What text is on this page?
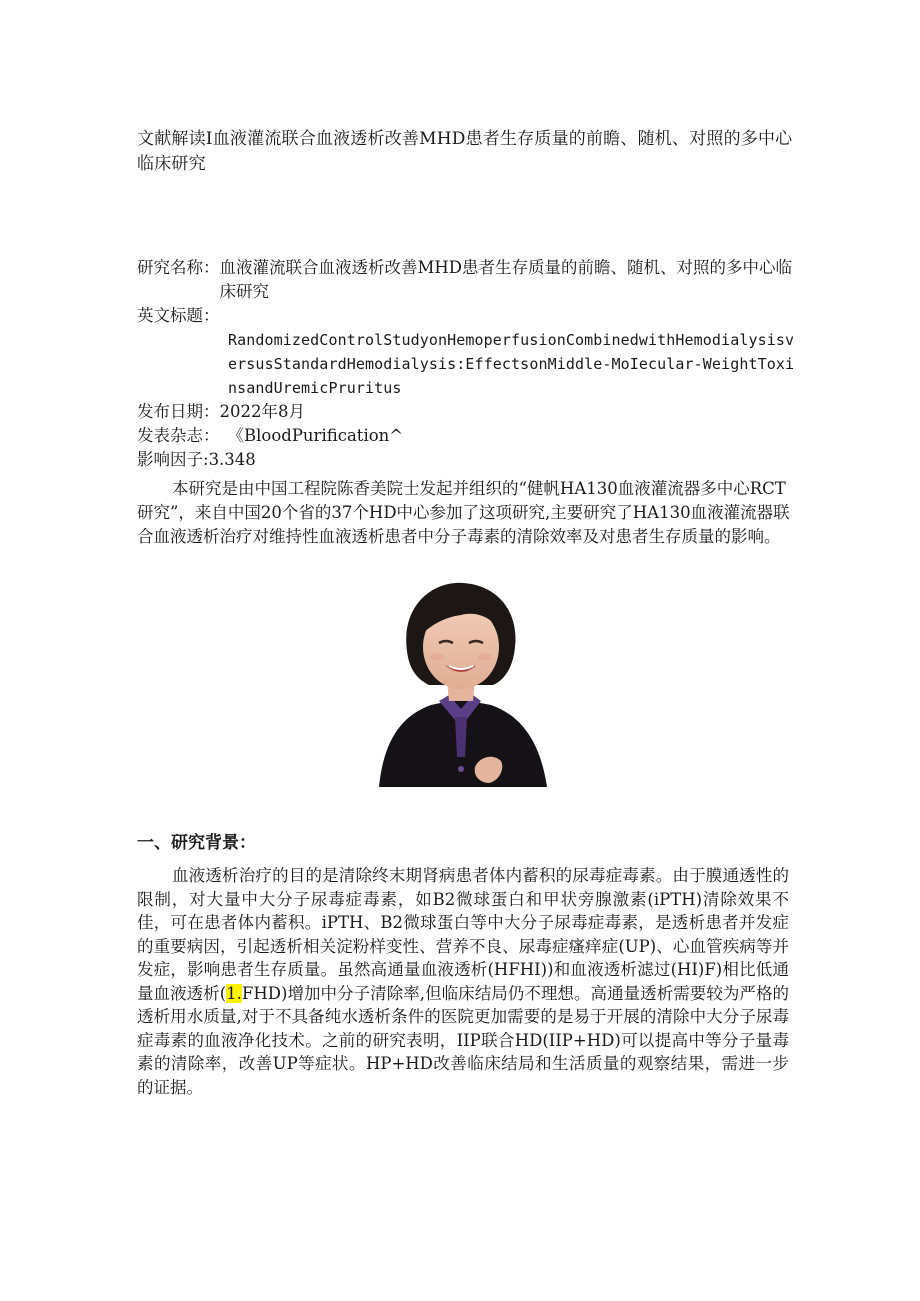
文献解读I血液灌流联合血液透析改善MHD患者生存质量的前瞻、随机、对照的多中心临床研究
研究名称： 血液灌流联合血液透析改善MHD患者生存质量的前瞻、随机、对照的多中心临床研究
英文标题：
RandomizedControlStudyonHemoperfusionCombinedwithHemodialysisversusStandardHemodialysis:EffectsonMiddle-MoIecular-WeightToxinsandUremicPruritus
发布日期： 2022年8月
发表杂志： 《BloodPurification^
影响因子: 3.348

本研究是由中国工程院陈香美院士发起并组织的“健帆HA130血液灌流器多中心RCT研究”，来自中国20个省的37个HD中心参加了这项研究,主要研究了HA130血液灌流器联合血液透析治疗对维持性血液透析患者中分子毒素的清除效率及对患者生存质量的影响。

一、研究背景：

血液透析治疗的目的是清除终末期肾病患者体内蓄积的尿毒症毒素。由于膜通透性的限制，对大量中大分子尿毒症毒素，如B2微球蛋白和甲状旁腺激素(iPTH)清除效果不佳，可在患者体内蓄积。iPTH、B2微球蛋白等中大分子尿毒症毒素，是透析患者并发症的重要病因，引起透析相关淀粉样变性、营养不良、尿毒症瘙痒症(UP)、心血管疾病等并发症，影响患者生存质量。虽然高通量血液透析(HFHI))和血液透析滤过(HI)F)相比低通量血液透析(1.FHD)增加中分子清除率,但临床结局仍不理想。高通量透析需要较为严格的透析用水质量,对于不具备纯水透析条件的医院更加需要的是易于开展的清除中大分子尿毒症毒素的血液净化技术。之前的研究表明，IIP联合HD(IIP+HD)可以提高中等分子量毒素的清除率，改善UP等症状。HP+HD改善临床结局和生活质量的观察结果，需进一步的证据。
